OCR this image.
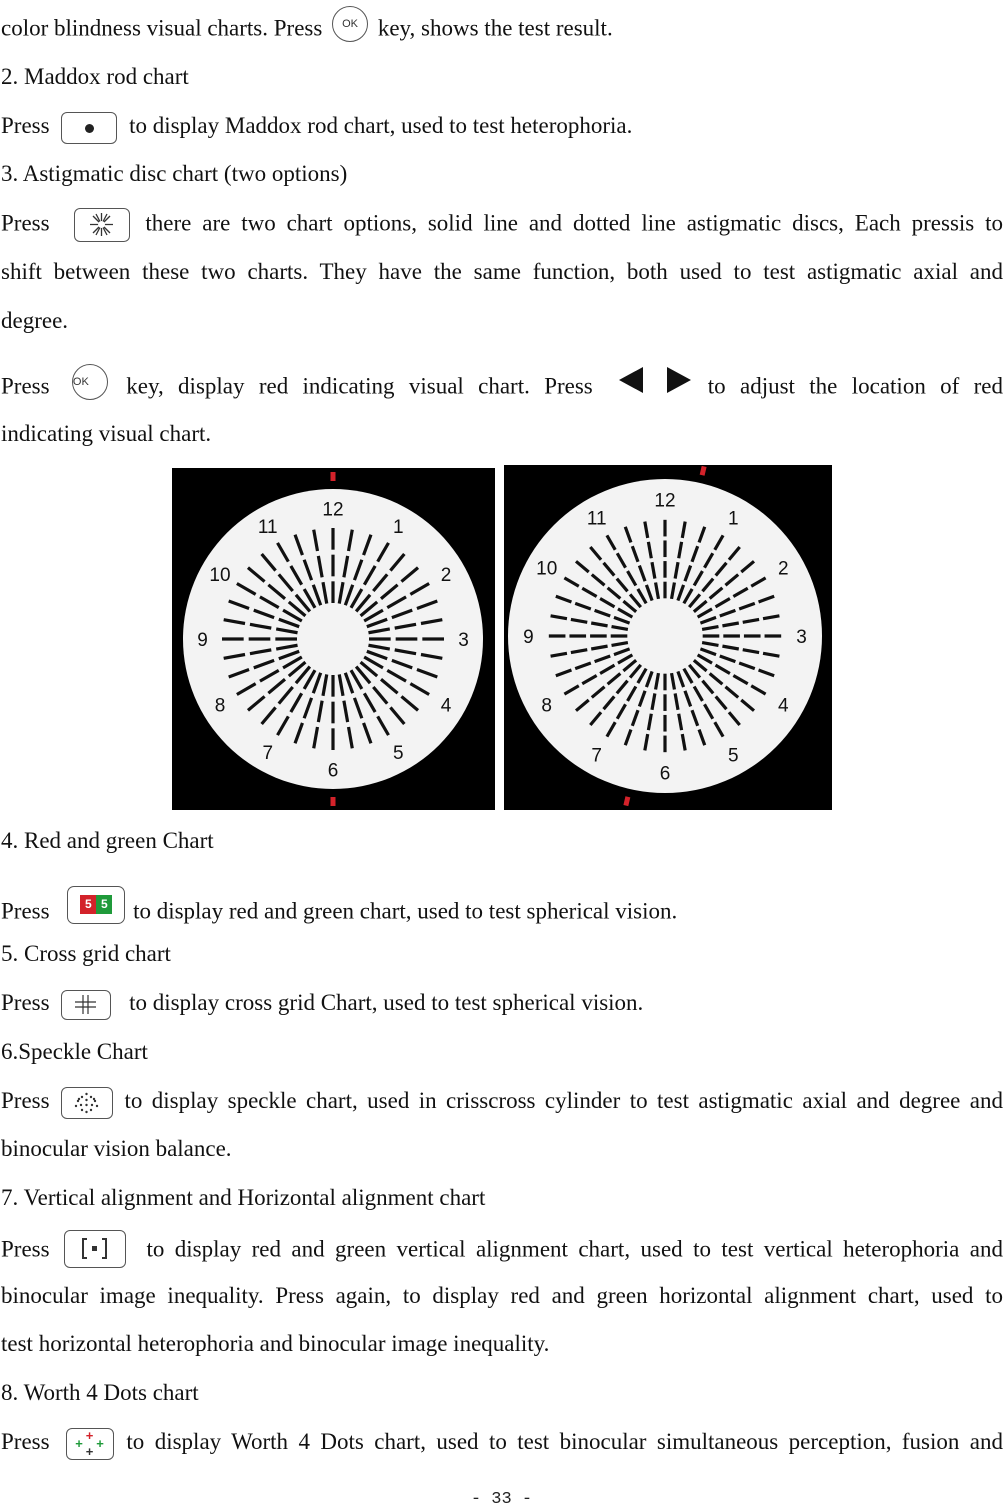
color blindness visual charts. Press OK key, shows the test result.
2. Maddox rod chart
Press	to display Maddox rod chart, used to test heterophoria.
3. Astigmatic disc chart (two options)
Press	there are two chart options, solid line and dotted line astigmatic discs, Each pressis to
shift between these two charts. They have the same function, both used to test astigmatic axial and
degree.
Press OK key, display red indicating visual chart. Press	to adjust the location of red
indicating visual chart.
12
1
2
3
4
5
6
7
8
9
10
11
12
1
2
3
4
5
6
7
8
9
10
11
4. Red and green Chart
Press	5 5 to display red and green chart, used to test spherical vision.
5. Cross grid chart
Press	to display cross grid Chart, used to test spherical vision.
6.Speckle Chart
Press	to display speckle chart, used in crisscross cylinder to test astigmatic axial and degree and
binocular vision balance.
7. Vertical alignment and Horizontal alignment chart
Press	to display red and green vertical alignment chart, used to test vertical heterophoria and
binocular image inequality. Press again, to display red and green horizontal alignment chart, used to
test horizontal heterophoria and binocular image inequality.
8. Worth 4 Dots chart
Press	+
+ +
+ to display Worth 4 Dots chart, used to test binocular simultaneous perception, fusion and
- 33 -
